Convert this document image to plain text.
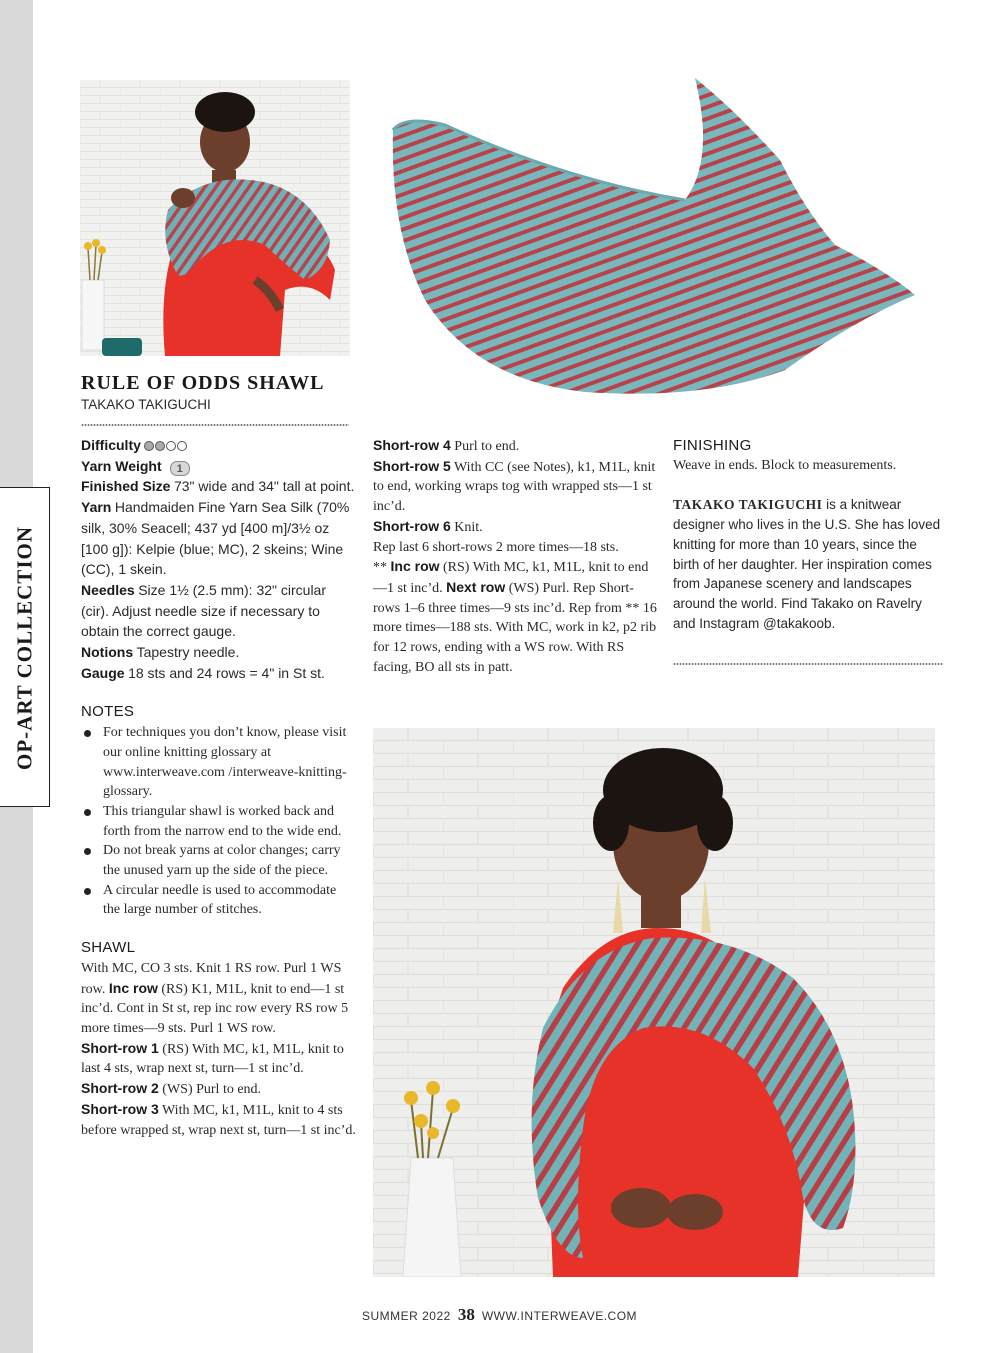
OP-ART COLLECTION
RULE OF ODDS SHAWL
TAKAKO TAKIGUCHI

Difficulty

Yarn Weight 1

Finished Size 73" wide and 34" tall at point.

Yarn Handmaiden Fine Yarn Sea Silk (70% silk, 30% Seacell; 437 yd [400 m]/3½ oz [100 g]): Kelpie (blue; MC), 2 skeins; Wine (CC), 1 skein.

Needles Size 1½ (2.5 mm): 32" circular (cir). Adjust needle size if necessary to obtain the correct gauge.

Notions Tapestry needle.

Gauge 18 sts and 24 rows = 4" in St st.

NOTES

For techniques you don’t know, please visit our online knitting glossary at www.interweave.com /interweave-knitting-glossary.
This triangular shawl is worked back and forth from the narrow end to the wide end.
Do not break yarns at color changes; carry the unused yarn up the side of the piece.
A circular needle is used to accommodate the large number of stitches.

SHAWL

With MC, CO 3 sts. Knit 1 RS row. Purl 1 WS row. Inc row (RS) K1, M1L, knit to end—1 st inc’d. Cont in St st, rep inc row every RS row 5 more times—9 sts. Purl 1 WS row.

Short-row 1 (RS) With MC, k1, M1L, knit to last 4 sts, wrap next st, turn—1 st inc’d.

Short-row 2 (WS) Purl to end.

Short-row 3 With MC, k1, M1L, knit to 4 sts before wrapped st, wrap next st, turn—1 st inc’d.

Short-row 4 Purl to end.

Short-row 5 With CC (see Notes), k1, M1L, knit to end, working wraps tog with wrapped sts—1 st inc’d.

Short-row 6 Knit.

Rep last 6 short-rows 2 more times—18 sts.

** Inc row (RS) With MC, k1, M1L, knit to end—1 st inc’d. Next row (WS) Purl. Rep Short-rows 1–6 three times—9 sts inc’d. Rep from ** 16 more times—188 sts. With MC, work in k2, p2 rib for 12 rows, ending with a WS row. With RS facing, BO all sts in patt.

FINISHING

Weave in ends. Block to measurements.

TAKAKO TAKIGUCHI is a knitwear designer who lives in the U.S. She has loved knitting for more than 10 years, since the birth of her daughter. Her inspiration comes from Japanese scenery and landscapes around the world. Find Takako on Ravelry and Instagram @takakoob.

SUMMER 2022 38 WWW.INTERWEAVE.COM
